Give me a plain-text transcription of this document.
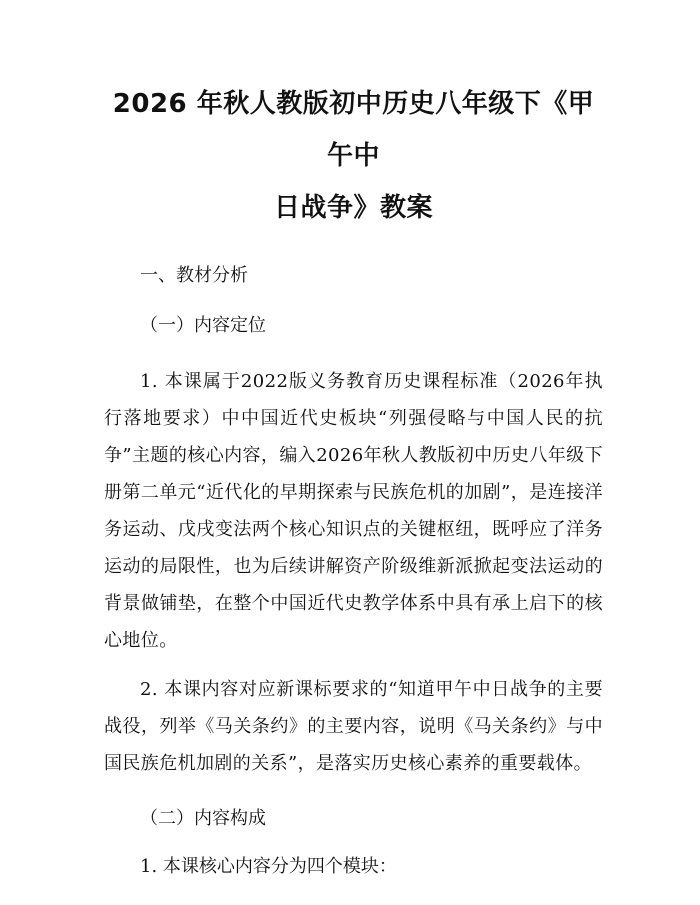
2026 年秋人教版初中历史八年级下《甲午中
日战争》教案
一、教材分析
（一）内容定位

1. 本课属于2022版义务教育历史课程标准（2026年执行落地要求）中中国近代史板块“列强侵略与中国人民的抗争”主题的核心内容，编入2026年秋人教版初中历史八年级下册第二单元“近代化的早期探索与民族危机的加剧”，是连接洋务运动、戊戌变法两个核心知识点的关键枢纽，既呼应了洋务运动的局限性，也为后续讲解资产阶级维新派掀起变法运动的背景做铺垫，在整个中国近代史教学体系中具有承上启下的核心地位。

2. 本课内容对应新课标要求的“知道甲午中日战争的主要战役，列举《马关条约》的主要内容，说明《马关条约》与中国民族危机加剧的关系”，是落实历史核心素养的重要载体。

（二）内容构成
1. 本课核心内容分为四个模块：
